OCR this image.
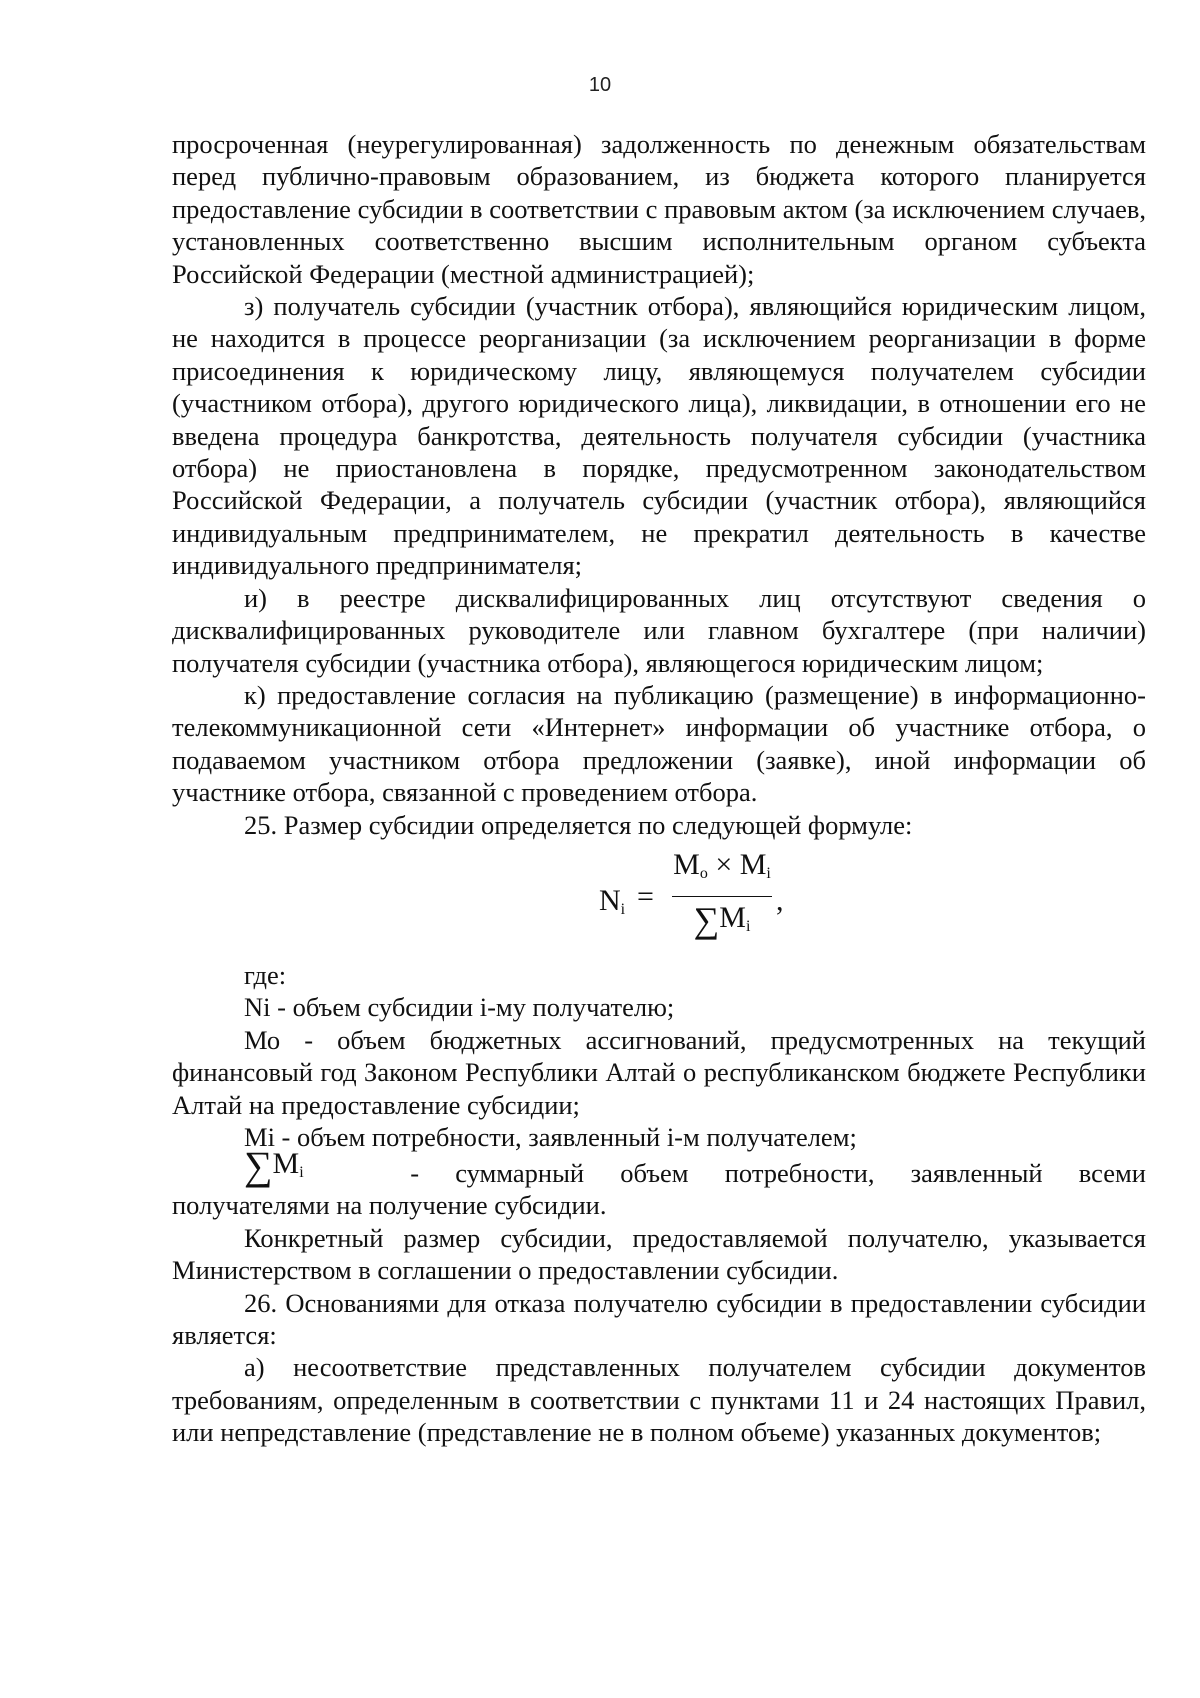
10

просроченная (неурегулированная) задолженность по денежным обязательствам перед публично-правовым образованием, из бюджета которого планируется предоставление субсидии в соответствии с правовым актом (за исключением случаев, установленных соответственно высшим исполнительным органом субъекта Российской Федерации (местной администрацией);

з) получатель субсидии (участник отбора), являющийся юридическим лицом, не находится в процессе реорганизации (за исключением реорганизации в форме присоединения к юридическому лицу, являющемуся получателем субсидии (участником отбора), другого юридического лица), ликвидации, в отношении его не введена процедура банкротства, деятельность получателя субсидии (участника отбора) не приостановлена в порядке, предусмотренном законодательством Российской Федерации, а получатель субсидии (участник отбора), являющийся индивидуальным предпринимателем, не прекратил деятельность в качестве индивидуального предпринимателя;

и) в реестре дисквалифицированных лиц отсутствуют сведения о дисквалифицированных руководителе или главном бухгалтере (при наличии) получателя субсидии (участника отбора), являющегося юридическим лицом;

к) предоставление согласия на публикацию (размещение) в информационно-телекоммуникационной сети «Интернет» информации об участнике отбора, о подаваемом участником отбора предложении (заявке), иной информации об участнике отбора, связанной с проведением отбора.

25. Размер субсидии определяется по следующей формуле:

$N_i$ =
$M_o \times M_i$
$\sum M_i$
,

где:

Ni - объем субсидии i-му получателю;

Мо - объем бюджетных ассигнований, предусмотренных на текущий финансовый год Законом Республики Алтай о республиканском бюджете Республики Алтай на предоставление субсидии;

Mi - объем потребности, заявленный i-м получателем;

$\sum M_i$	- суммарный объем потребности, заявленный всеми

получателями на получение субсидии.

Конкретный размер субсидии, предоставляемой получателю, указывается Министерством в соглашении о предоставлении субсидии.

26. Основаниями для отказа получателю субсидии в предоставлении субсидии является:

а) несоответствие представленных получателем субсидии документов требованиям, определенным в соответствии с пунктами 11 и 24 настоящих Правил, или непредставление (представление не в полном объеме) указанных документов;
